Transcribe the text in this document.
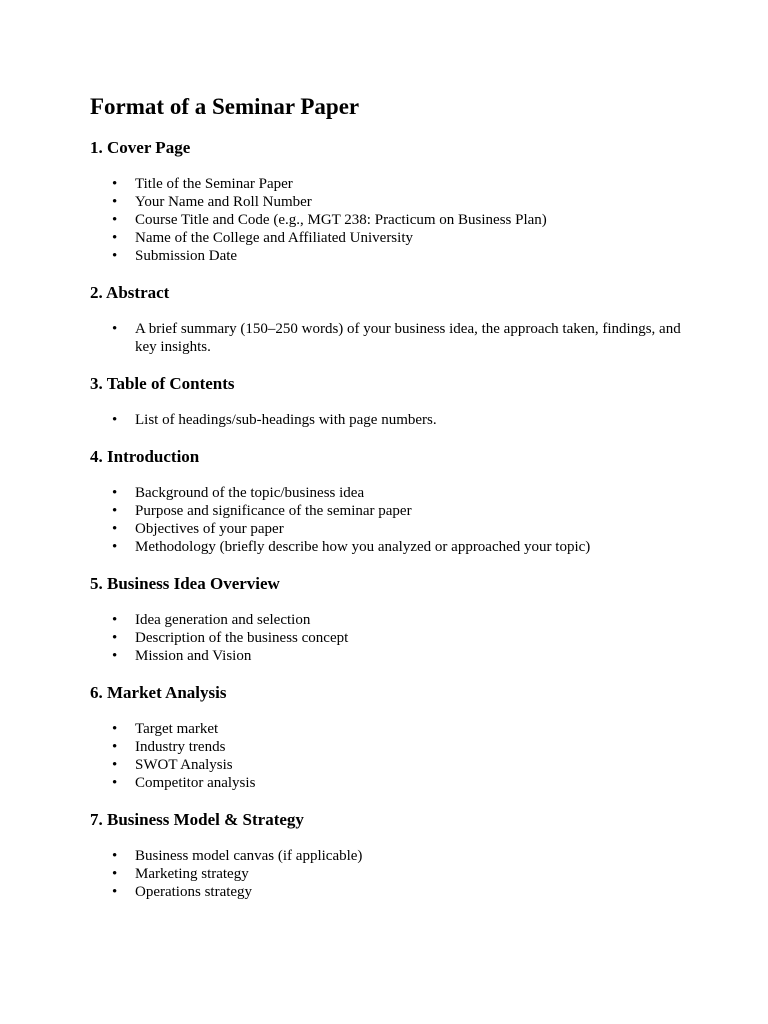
Format of a Seminar Paper
1. Cover Page
• Title of the Seminar Paper
• Your Name and Roll Number
• Course Title and Code (e.g., MGT 238: Practicum on Business Plan)
• Name of the College and Affiliated University
• Submission Date
2. Abstract
• A brief summary (150–250 words) of your business idea, the approach taken, findings, and key insights.
3. Table of Contents
• List of headings/sub-headings with page numbers.
4. Introduction
• Background of the topic/business idea
• Purpose and significance of the seminar paper
• Objectives of your paper
• Methodology (briefly describe how you analyzed or approached your topic)
5. Business Idea Overview
• Idea generation and selection
• Description of the business concept
• Mission and Vision
6. Market Analysis
• Target market
• Industry trends
• SWOT Analysis
• Competitor analysis
7. Business Model & Strategy
• Business model canvas (if applicable)
• Marketing strategy
• Operations strategy
